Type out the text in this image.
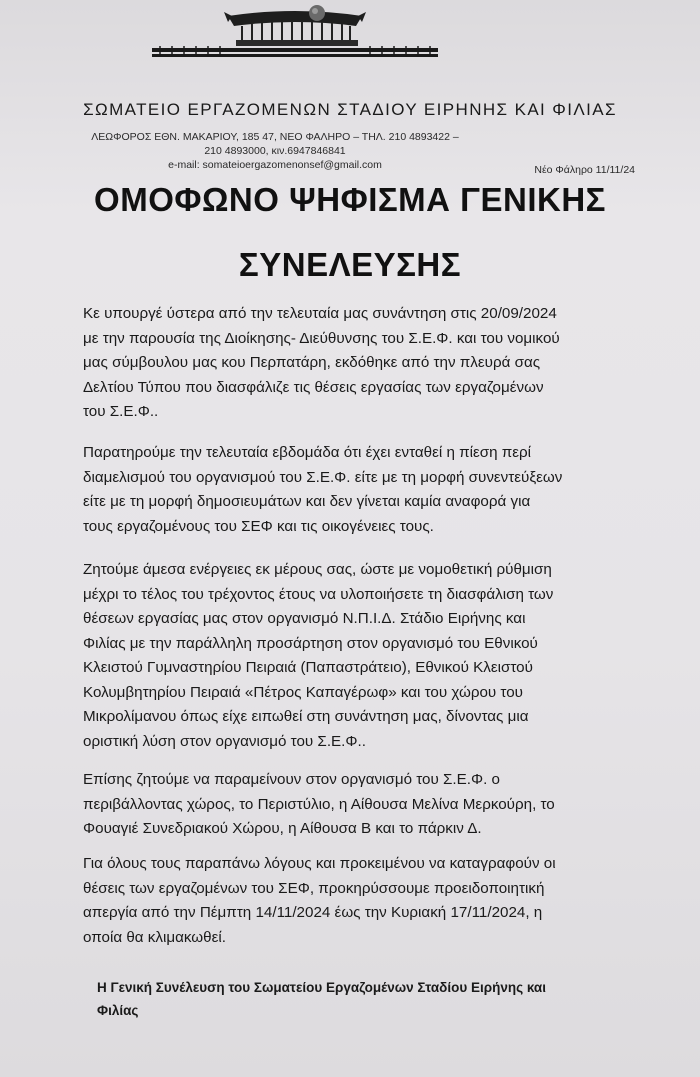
ΣΩΜΑΤΕΙΟ ΕΡΓΑΖΟΜΕΝΩΝ ΣΤΑΔΙΟΥ ΕΙΡΗΝΗΣ ΚΑΙ ΦΙΛΙΑΣ
ΛΕΩΦΟΡΟΣ ΕΘΝ. ΜΑΚΑΡΙΟΥ, 185 47, ΝΕΟ ΦΑΛΗΡΟ – ΤΗΛ. 210 4893422 –
210 4893000, κιν.6947846841
e-mail: somateioergazomenonsef@gmail.com	Νέο Φάληρο 11/11/24
ΟΜΟΦΩΝΟ ΨΗΦΙΣΜΑ ΓΕΝΙΚΗΣ
ΣΥΝΕΛΕΥΣΗΣ
Κε υπουργέ ύστερα από την τελευταία μας συνάντηση στις 20/09/2024
με την παρουσία της Διοίκησης- Διεύθυνσης του Σ.Ε.Φ. και του νομικού
μας σύμβουλου μας κου Περπατάρη, εκδόθηκε από την πλευρά σας
Δελτίου Τύπου που διασφάλιζε τις θέσεις εργασίας των εργαζομένων
του Σ.Ε.Φ..
Παρατηρούμε την τελευταία εβδομάδα ότι έχει ενταθεί η πίεση περί
διαμελισμού του οργανισμού του Σ.Ε.Φ. είτε με τη μορφή συνεντεύξεων
είτε με τη μορφή δημοσιευμάτων και δεν γίνεται καμία αναφορά για
τους εργαζομένους του ΣΕΦ και τις οικογένειες τους.
Ζητούμε άμεσα ενέργειες εκ μέρους σας, ώστε με νομοθετική ρύθμιση
μέχρι το τέλος του τρέχοντος έτους να υλοποιήσετε τη διασφάλιση των
θέσεων εργασίας μας στον οργανισμό Ν.Π.Ι.Δ. Στάδιο Ειρήνης και
Φιλίας με την παράλληλη προσάρτηση στον οργανισμό του Εθνικού
Κλειστού Γυμναστηρίου Πειραιά (Παπαστράτειο), Εθνικού Κλειστού
Κολυμβητηρίου Πειραιά «Πέτρος Καπαγέρωφ» και του χώρου του
Μικρολίμανου όπως είχε ειπωθεί στη συνάντηση μας, δίνοντας μια
οριστική λύση στον οργανισμό του Σ.Ε.Φ..
Επίσης ζητούμε να παραμείνουν στον οργανισμό του Σ.Ε.Φ. ο
περιβάλλοντας χώρος, το Περιστύλιο, η Αίθουσα Μελίνα Μερκούρη, το
Φουαγιέ Συνεδριακού Χώρου, η Αίθουσα Β και το πάρκιν Δ.
Για όλους τους παραπάνω λόγους και προκειμένου να καταγραφούν οι
θέσεις των εργαζομένων του ΣΕΦ, προκηρύσσουμε προειδοποιητική
απεργία από την Πέμπτη 14/11/2024 έως την Κυριακή 17/11/2024, η
οποία θα κλιμακωθεί.
Η Γενική Συνέλευση του Σωματείου Εργαζομένων Σταδίου Ειρήνης και
Φιλίας
